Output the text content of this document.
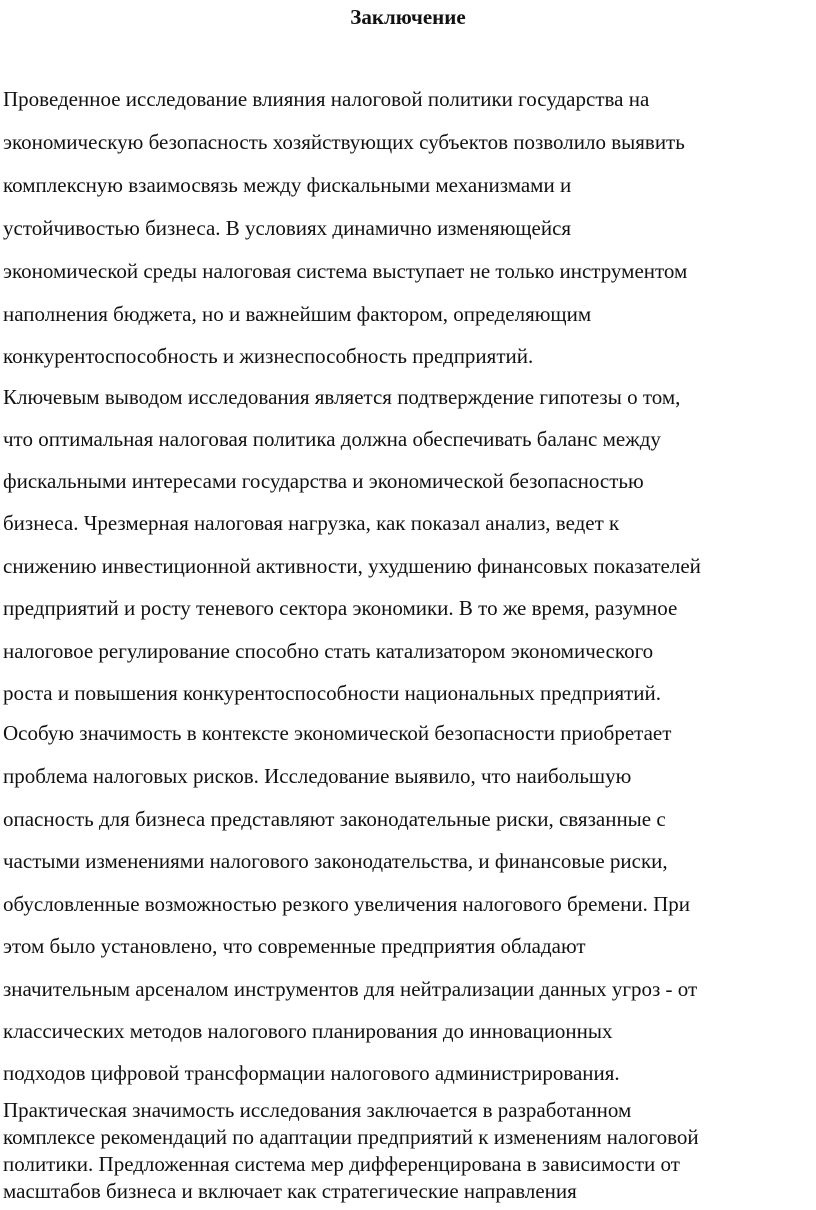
Заключение

Проведенное исследование влияния налоговой политики государства на

экономическую безопасность хозяйствующих субъектов позволило выявить

комплексную взаимосвязь между фискальными механизмами и

устойчивостью бизнеса. В условиях динамично изменяющейся

экономической среды налоговая система выступает не только инструментом

наполнения бюджета, но и важнейшим фактором, определяющим

конкурентоспособность и жизнеспособность предприятий.

Ключевым выводом исследования является подтверждение гипотезы о том,

что оптимальная налоговая политика должна обеспечивать баланс между

фискальными интересами государства и экономической безопасностью

бизнеса. Чрезмерная налоговая нагрузка, как показал анализ, ведет к

снижению инвестиционной активности, ухудшению финансовых показателей

предприятий и росту теневого сектора экономики. В то же время, разумное

налоговое регулирование способно стать катализатором экономического

роста и повышения конкурентоспособности национальных предприятий.

Особую значимость в контексте экономической безопасности приобретает

проблема налоговых рисков. Исследование выявило, что наибольшую

опасность для бизнеса представляют законодательные риски, связанные с

частыми изменениями налогового законодательства, и финансовые риски,

обусловленные возможностью резкого увеличения налогового бремени. При

этом было установлено, что современные предприятия обладают

значительным арсеналом инструментов для нейтрализации данных угроз - от

классических методов налогового планирования до инновационных

подходов цифровой трансформации налогового администрирования.

Практическая значимость исследования заключается в разработанном

комплексе рекомендаций по адаптации предприятий к изменениям налоговой

политики. Предложенная система мер дифференцирована в зависимости от

масштабов бизнеса и включает как стратегические направления
